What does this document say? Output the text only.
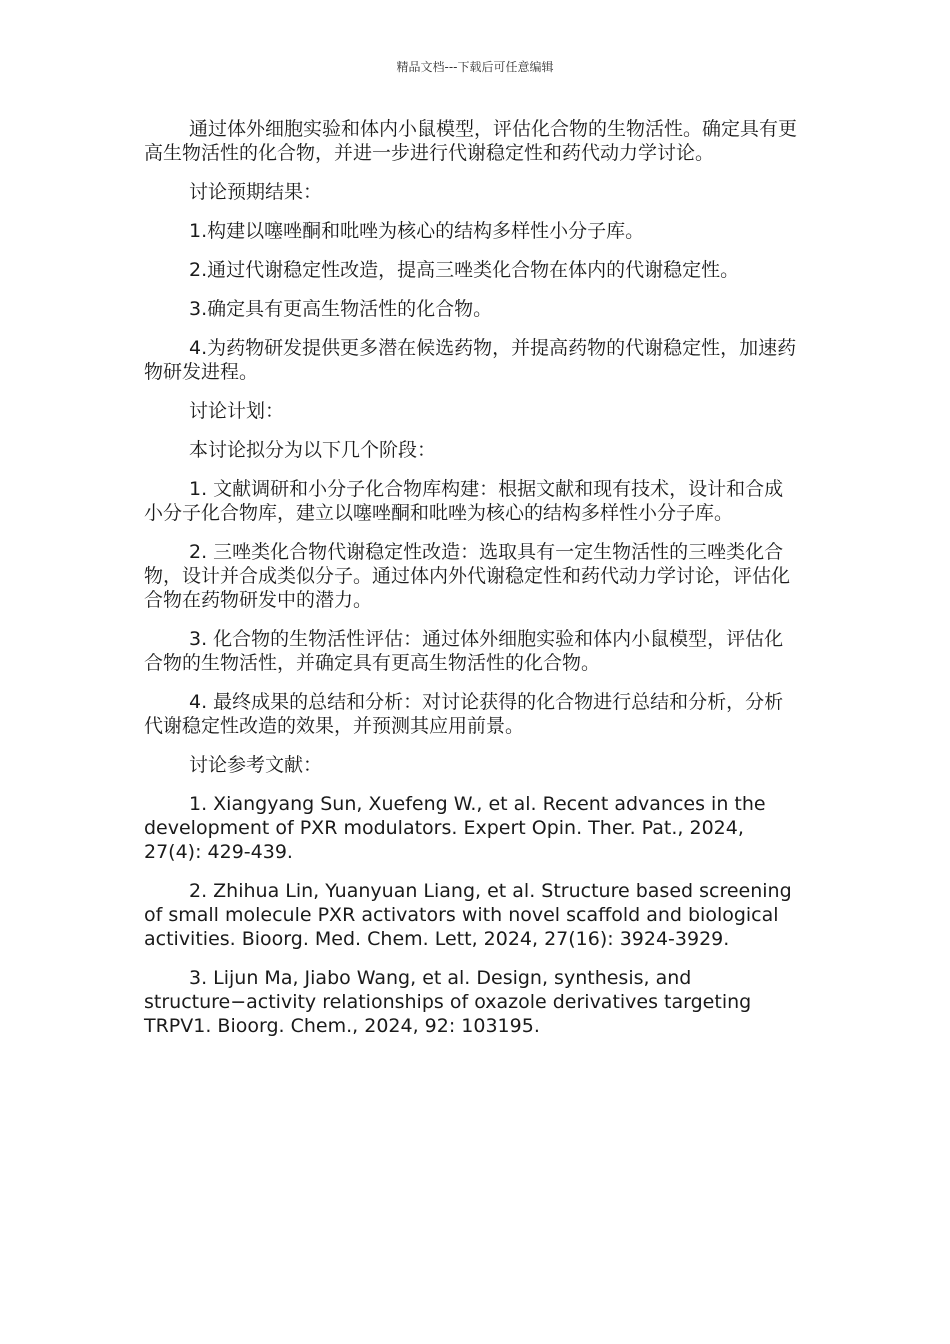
精品文档---下载后可任意编辑

通过体外细胞实验和体内小鼠模型，评估化合物的生物活性。确定具有更高生物活性的化合物，并进一步进行代谢稳定性和药代动力学讨论。

讨论预期结果：

1.构建以噻唑酮和吡唑为核心的结构多样性小分子库。

2.通过代谢稳定性改造，提高三唑类化合物在体内的代谢稳定性。

3.确定具有更高生物活性的化合物。

4.为药物研发提供更多潜在候选药物，并提高药物的代谢稳定性，加速药物研发进程。

讨论计划：

本讨论拟分为以下几个阶段：

1. 文献调研和小分子化合物库构建：根据文献和现有技术，设计和合成小分子化合物库，建立以噻唑酮和吡唑为核心的结构多样性小分子库。

2. 三唑类化合物代谢稳定性改造：选取具有一定生物活性的三唑类化合物，设计并合成类似分子。通过体内外代谢稳定性和药代动力学讨论，评估化合物在药物研发中的潜力。

3. 化合物的生物活性评估：通过体外细胞实验和体内小鼠模型，评估化合物的生物活性，并确定具有更高生物活性的化合物。

4. 最终成果的总结和分析：对讨论获得的化合物进行总结和分析，分析代谢稳定性改造的效果，并预测其应用前景。

讨论参考文献：

1. Xiangyang Sun, Xuefeng W., et al. Recent advances in the development of PXR modulators. Expert Opin. Ther. Pat., 2024, 27(4): 429-439.

2. Zhihua Lin, Yuanyuan Liang, et al. Structure based screening of small molecule PXR activators with novel scaffold and biological activities. Bioorg. Med. Chem. Lett, 2024, 27(16): 3924-3929.

3. Lijun Ma, Jiabo Wang, et al. Design, synthesis, and structure−activity relationships of oxazole derivatives targeting TRPV1. Bioorg. Chem., 2024, 92: 103195.
